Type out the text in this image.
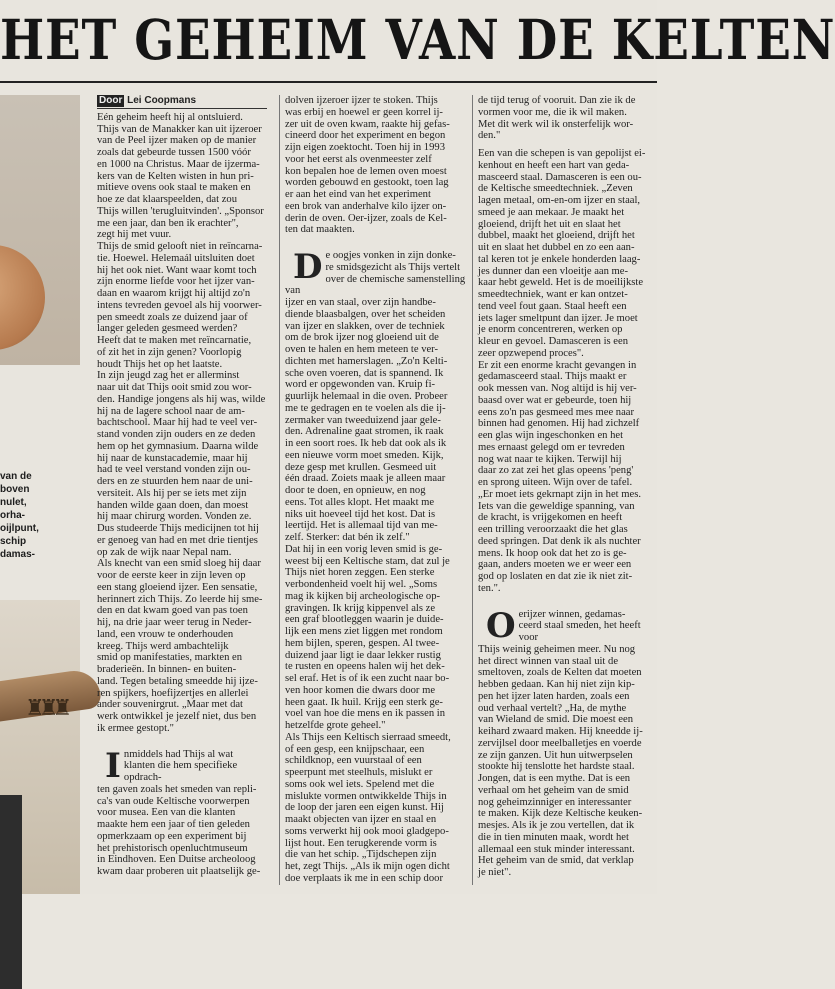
HET GEHEIM VAN DE KELTEN
van de
boven
nulet,
orha-
oijlpunt,
schip
damas-
♜♜♜
Door Lei Coopmans

Eén geheim heeft hij al ontsluierd.
Thijs van de Manakker kan uit ijzeroer
van de Peel ijzer maken op de manier
zoals dat gebeurde tussen 1500 vóór
en 1000 na Christus. Maar de ijzerma-
kers van de Kelten wisten in hun pri-
mitieve ovens ook staal te maken en
hoe ze dat klaarspeelden, dat zou
Thijs willen 'terugluitvinden'. „Sponsor
me een jaar, dan ben ik erachter",
zegt hij met vuur.
Thijs de smid gelooft niet in reïncarna-
tie. Hoewel. Helemaál uitsluiten doet
hij het ook niet. Want waar komt toch
zijn enorme liefde voor het ijzer van-
daan en waarom krijgt hij altijd zo'n
intens tevreden gevoel als hij voorwer-
pen smeedt zoals ze duizend jaar of
langer geleden gesmeed werden?
Heeft dat te maken met reïncarnatie,
of zit het in zijn genen? Voorlopig
houdt Thijs het op het laatste.
In zijn jeugd zag het er allerminst
naar uit dat Thijs ooit smid zou wor-
den. Handige jongens als hij was, wilde
hij na de lagere school naar de am-
bachtschool. Maar hij had te veel ver-
stand vonden zijn ouders en ze deden
hem op het gymnasium. Daarna wilde
hij naar de kunstacademie, maar hij
had te veel verstand vonden zijn ou-
ders en ze stuurden hem naar de uni-
versiteit. Als hij per se iets met zijn
handen wilde gaan doen, dan moest
hij maar chirurg worden. Vonden ze.
Dus studeerde Thijs medicijnen tot hij
er genoeg van had en met drie tientjes
op zak de wijk naar Nepal nam.
Als knecht van een smid sloeg hij daar
voor de eerste keer in zijn leven op
een stang gloeiend ijzer. Een sensatie,
herinnert zich Thijs. Zo leerde hij sme-
den en dat kwam goed van pas toen
hij, na drie jaar weer terug in Neder-
land, een vrouw te onderhouden
kreeg. Thijs werd ambachtelijk
smid op manifestaties, markten en
braderieën. In binnen- en buiten-
land. Tegen betaling smeedde hij ijze-
ren spijkers, hoefijzertjes en allerlei
ander souvenirgrut. „Maar met dat
werk ontwikkel je jezelf niet, dus ben
ik ermee gestopt."

Inmiddels had Thijs al wat
klanten die hem specifieke opdrach-
ten gaven zoals het smeden van repli-
ca's van oude Keltische voorwerpen
voor musea. Een van die klanten
maakte hem een jaar of tien geleden
opmerkzaam op een experiment bij
het prehistorisch openluchtmuseum
in Eindhoven. Een Duitse archeoloog
kwam daar proberen uit plaatselijk ge-

dolven ijzeroer ijzer te stoken. Thijs
was erbij en hoewel er geen korrel ij-
zer uit de oven kwam, raakte hij gefas-
cineerd door het experiment en begon
zijn eigen zoektocht. Toen hij in 1993
voor het eerst als ovenmeester zelf
kon bepalen hoe de lemen oven moest
worden gebouwd en gestookt, toen lag
er aan het eind van het experiment
een brok van anderhalve kilo ijzer on-
derin de oven. Oer-ijzer, zoals de Kel-
ten dat maakten.

De oogjes vonken in zijn donke-
re smidsgezicht als Thijs vertelt
over de chemische samenstelling van
ijzer en van staal, over zijn handbe-
diende blaasbalgen, over het scheiden
van ijzer en slakken, over de techniek
om de brok ijzer nog gloeiend uit de
oven te halen en hem meteen te ver-
dichten met hamerslagen. „Zo'n Kelti-
sche oven voeren, dat is spannend. Ik
word er opgewonden van. Kruip fi-
guurlijk helemaal in die oven. Probeer
me te gedragen en te voelen als die ij-
zermaker van tweeduizend jaar gele-
den. Adrenaline gaat stromen, ik raak
in een soort roes. Ik heb dat ook als ik
een nieuwe vorm moet smeden. Kijk,
deze gesp met krullen. Gesmeed uit
één draad. Zoiets maak je alleen maar
door te doen, en opnieuw, en nog
eens. Tot alles klopt. Het maakt me
niks uit hoeveel tijd het kost. Dat is
leertijd. Het is allemaal tijd van me-
zelf. Sterker: dat bén ik zelf."
Dat hij in een vorig leven smid is ge-
weest bij een Keltische stam, dat zul je
Thijs niet horen zeggen. Een sterke
verbondenheid voelt hij wel. „Soms
mag ik kijken bij archeologische op-
gravingen. Ik krijg kippenvel als ze
een graf blootleggen waarin je duide-
lijk een mens ziet liggen met rondom
hem bijlen, speren, gespen. Al twee-
duizend jaar ligt ie daar lekker rustig
te rusten en opeens halen wij het dek-
sel eraf. Het is of ik een zucht naar bo-
ven hoor komen die dwars door me
heen gaat. Ik huil. Krijg een sterk ge-
voel van hoe die mens en ik passen in
hetzelfde grote geheel."
Als Thijs een Keltisch sierraad smeedt,
of een gesp, een knijpschaar, een
schildknop, een vuurstaal of een
speerpunt met steelhuls, mislukt er
soms ook wel iets. Spelend met die
mislukte vormen ontwikkelde Thijs in
de loop der jaren een eigen kunst. Hij
maakt objecten van ijzer en staal en
soms verwerkt hij ook mooi gladgepo-
lijst hout. Een terugkerende vorm is
die van het schip. „Tijdschepen zijn
het, zegt Thijs. „Als ik mijn ogen dicht
doe verplaats ik me in een schip door

de tijd terug of vooruit. Dan zie ik de
vormen voor me, die ik wil maken.
Met dit werk wil ik onsterfelijk wor-
den."

Een van die schepen is van gepolijst ei-
kenhout en heeft een hart van geda-
masceerd staal. Damasceren is een ou-
de Keltische smeedtechniek. „Zeven
lagen metaal, om-en-om ijzer en staal,
smeed je aan mekaar. Je maakt het
gloeiend, drijft het uit en slaat het
dubbel, maakt het gloeiend, drijft het
uit en slaat het dubbel en zo een aan-
tal keren tot je enkele honderden laag-
jes dunner dan een vloeitje aan me-
kaar hebt geweld. Het is de moeilijkste
smeedtechniek, want er kan ontzet-
tend veel fout gaan. Staal heeft een
iets lager smeltpunt dan ijzer. Je moet
je enorm concentreren, werken op
kleur en gevoel. Damasceren is een
zeer opzwepend proces".
Er zit een enorme kracht gevangen in
gedamasceerd staal. Thijs maakt er
ook messen van. Nog altijd is hij ver-
baasd over wat er gebeurde, toen hij
eens zo'n pas gesmeed mes mee naar
binnen had genomen. Hij had zichzelf
een glas wijn ingeschonken en het
mes ernaast gelegd om er tevreden
nog wat naar te kijken. Terwijl hij
daar zo zat zei het glas opeens 'peng'
en sprong uiteen. Wijn over de tafel.
„Er moet iets gekrnapt zijn in het mes.
Iets van die geweldige spanning, van
de kracht, is vrijgekomen en heeft
een trilling veroorzaakt die het glas
deed springen. Dat denk ik als nuchter
mens. Ik hoop ook dat het zo is ge-
gaan, anders moeten we er weer een
god op loslaten en dat zie ik niet zit-
ten.".

Oerijzer winnen, gedamas-
ceerd staal smeden, het heeft voor
Thijs weinig geheimen meer. Nu nog
het direct winnen van staal uit de
smeltoven, zoals de Kelten dat moeten
hebben gedaan. Kan hij niet zijn kip-
pen het ijzer laten harden, zoals een
oud verhaal vertelt? „Ha, de mythe
van Wieland de smid. Die moest een
keihard zwaard maken. Hij kneedde ij-
zervijlsel door meelballetjes en voerde
ze zijn ganzen. Uit hun uitwerpselen
stookte hij tenslotte het hardste staal.
Jongen, dat is een mythe. Dat is een
verhaal om het geheim van de smid
nog geheimzinniger en interessanter
te maken. Kijk deze Keltische keuken-
mesjes. Als ik je zou vertellen, dat ik
die in tien minuten maak, wordt het
allemaal een stuk minder interessant.
Het geheim van de smid, dat verklap
je niet".
